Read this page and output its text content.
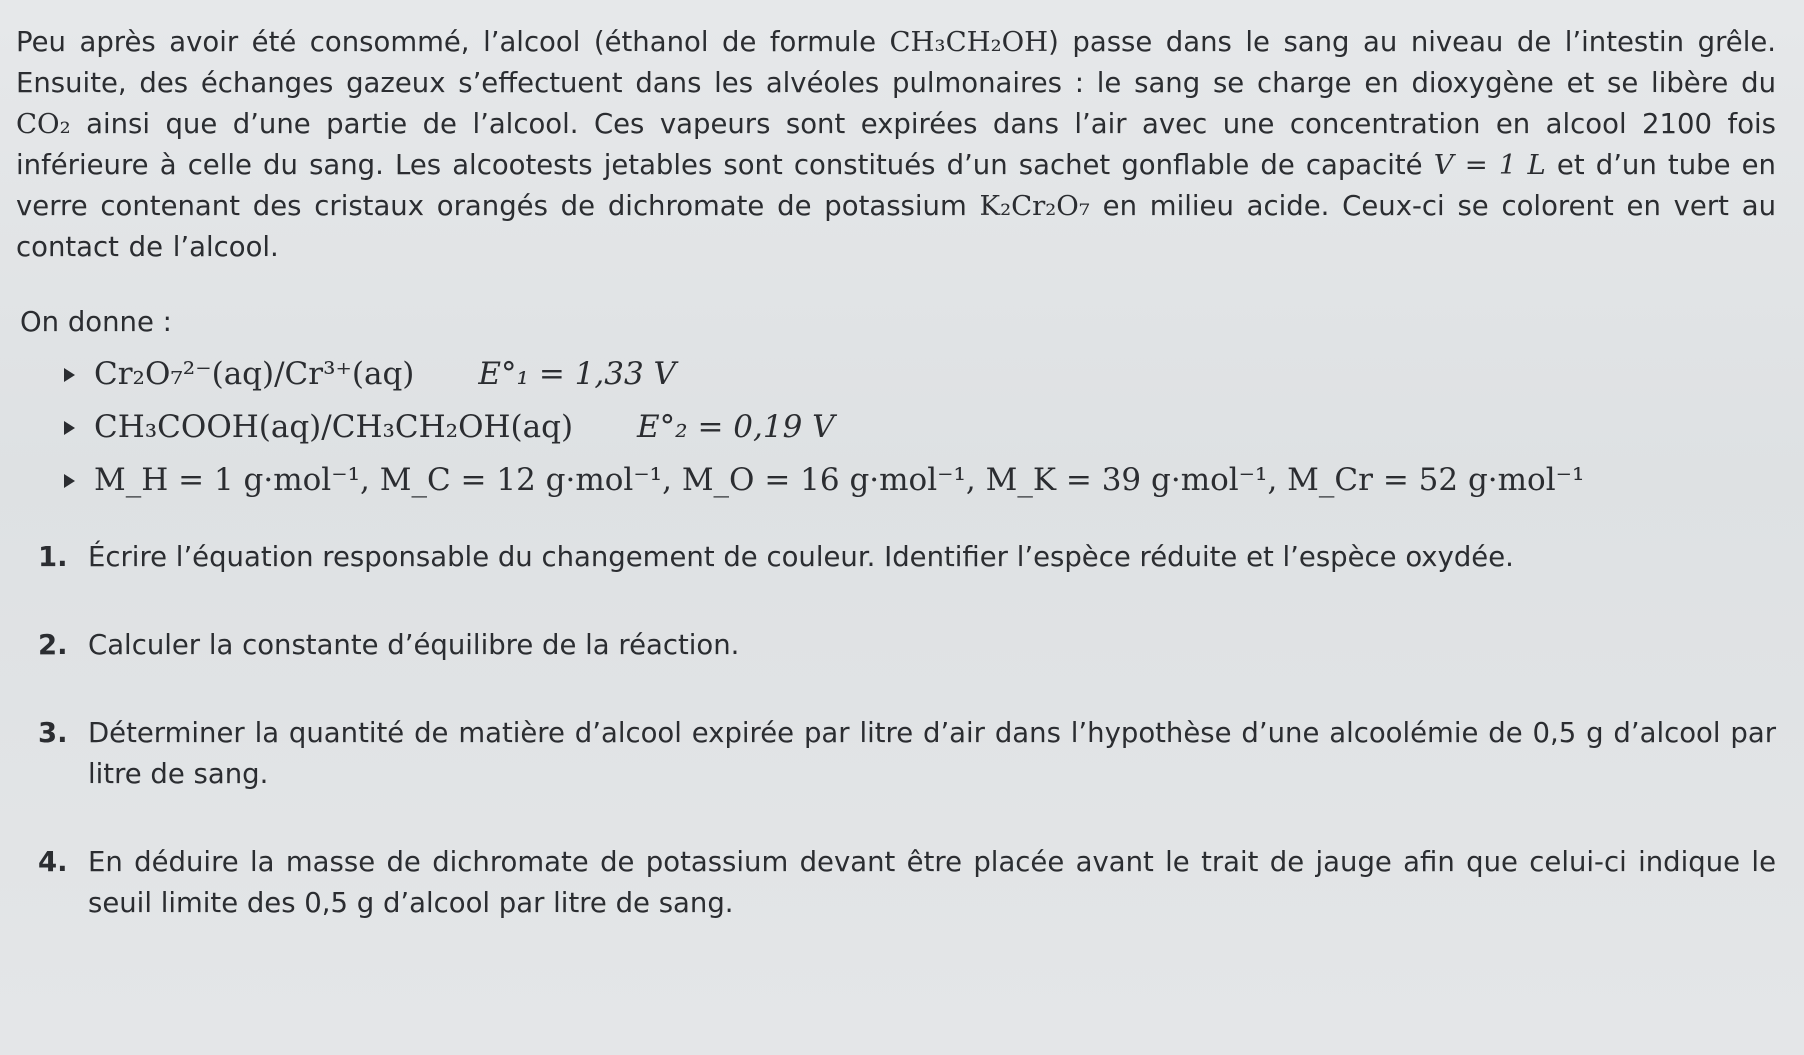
Peu après avoir été consommé, l’alcool (éthanol de formule CH₃CH₂OH) passe dans le sang au niveau de l’intestin grêle. Ensuite, des échanges gazeux s’effectuent dans les alvéoles pulmonaires : le sang se charge en dioxygène et se libère du CO₂ ainsi que d’une partie de l’alcool. Ces vapeurs sont expirées dans l’air avec une concentration en alcool 2100 fois inférieure à celle du sang. Les alcootests jetables sont constitués d’un sachet gonflable de capacité V = 1 L et d’un tube en verre contenant des cristaux orangés de dichromate de potassium K₂Cr₂O₇ en milieu acide. Ceux-ci se colorent en vert au contact de l’alcool.

On donne :
Cr₂O₇²⁻(aq)/Cr³⁺(aq) E°₁ = 1,33 V
CH₃COOH(aq)/CH₃CH₂OH(aq) E°₂ = 0,19 V
M_H = 1 g·mol⁻¹, M_C = 12 g·mol⁻¹, M_O = 16 g·mol⁻¹, M_K = 39 g·mol⁻¹, M_Cr = 52 g·mol⁻¹
1. Écrire l’équation responsable du changement de couleur. Identifier l’espèce réduite et l’espèce oxydée.
2. Calculer la constante d’équilibre de la réaction.
3. Déterminer la quantité de matière d’alcool expirée par litre d’air dans l’hypothèse d’une alcoolémie de 0,5 g d’alcool par litre de sang.
4. En déduire la masse de dichromate de potassium devant être placée avant le trait de jauge afin que celui-ci indique le seuil limite des 0,5 g d’alcool par litre de sang.
